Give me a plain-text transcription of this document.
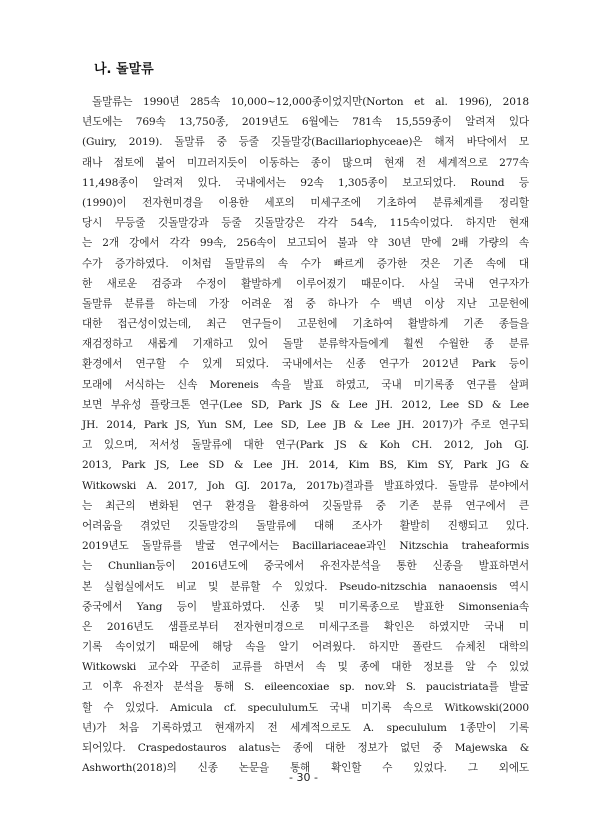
나. 돌말류
돌말류는 1990년 285속 10,000~12,000종이었지만(Norton et al. 1996), 2018
년도에는 769속 13,750종, 2019년도 6월에는 781속 15,559종이 알려져 있다
(Guiry, 2019). 돌말류 중 등줄 깃돌말강(Bacillariophyceae)은 해저 바닥에서 모
래나 점토에 붙어 미끄러지듯이 이동하는 종이 많으며 현재 전 세계적으로 277속
11,498종이 알려져 있다. 국내에서는 92속 1,305종이 보고되었다. Round 등
(1990)이 전자현미경을 이용한 세포의 미세구조에 기초하여 분류체계를 정리할
당시 무등줄 깃돌말강과 등줄 깃돌말강은 각각 54속, 115속이었다. 하지만 현재
는 2개 강에서 각각 99속, 256속이 보고되어 불과 약 30년 만에 2배 가량의 속
수가 증가하였다. 이처럼 돌말류의 속 수가 빠르게 증가한 것은 기존 속에 대
한 새로운 검증과 수정이 활발하게 이루어졌기 때문이다. 사실 국내 연구자가
돌말류 분류를 하는데 가장 어려운 점 중 하나가 수 백년 이상 지난 고문헌에
대한 접근성이었는데, 최근 연구들이 고문헌에 기초하여 활발하게 기존 종들을
재검정하고 새롭게 기재하고 있어 돌말 분류학자들에게 훨씬 수월한 종 분류
환경에서 연구할 수 있게 되었다. 국내에서는 신종 연구가 2012년 Park 등이
모래에 서식하는 신속 Moreneis 속을 발표 하였고, 국내 미기록종 연구를 살펴
보면 부유성 플랑크톤 연구(Lee SD, Park JS & Lee JH. 2012, Lee SD & Lee
JH. 2014, Park JS, Yun SM, Lee SD, Lee JB & Lee JH. 2017)가 주로 연구되
고 있으며, 저서성 돌말류에 대한 연구(Park JS & Koh CH. 2012, Joh GJ.
2013, Park JS, Lee SD & Lee JH. 2014, Kim BS, Kim SY, Park JG &
Witkowski A. 2017, Joh GJ. 2017a, 2017b)결과를 발표하였다. 돌말류 분야에서
는 최근의 변화된 연구 환경을 활용하여 깃돌말류 중 기존 분류 연구에서 큰
어려움을 겪었던 깃돌말강의 돌말류에 대해 조사가 활발히 진행되고 있다.
2019년도 돌말류를 발굴 연구에서는 Bacillariaceae과인 Nitzschia traheaformis
는 Chunlian등이 2016년도에 중국에서 유전자분석을 통한 신종을 발표하면서
본 실험실에서도 비교 및 분류할 수 있었다. Pseudo-nitzschia nanaoensis 역시
중국에서 Yang 등이 발표하였다. 신종 및 미기록종으로 발표한 Simonsenia속
은 2016년도 샘플로부터 전자현미경으로 미세구조를 확인은 하였지만 국내 미
기록 속이었기 때문에 해당 속을 알기 어려웠다. 하지만 폴란드 슈체친 대학의
Witkowski 교수와 꾸준히 교류를 하면서 속 및 종에 대한 정보를 알 수 있었
고 이후 유전자 분석을 통해 S. eileencoxiae sp. nov.와 S. paucistriata를 발굴
할 수 있었다. Amicula cf. specululum도 국내 미기록 속으로 Witkowski(2000
년)가 처음 기록하였고 현재까지 전 세계적으로도 A. specululum 1종만이 기록
되어있다. Craspedostauros alatus는 종에 대한 정보가 없던 중 Majewska &
Ashworth(2018)의 신종 논문을 통해 확인할 수 있었다. 그 외에도
- 30 -
